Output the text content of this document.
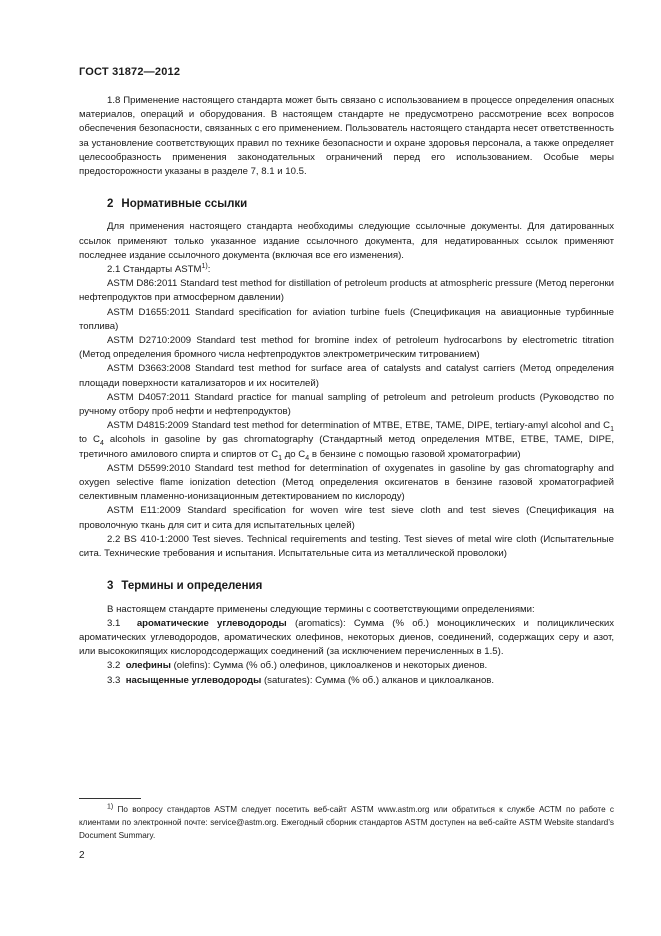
ГОСТ 31872—2012

1.8 Применение настоящего стандарта может быть связано с использованием в процессе определения опасных материалов, операций и оборудования. В настоящем стандарте не предусмотрено рассмотрение всех вопросов обеспечения безопасности, связанных с его применением. Пользователь настоящего стандарта несет ответственность за установление соответствующих правил по технике безопасности и охране здоровья персонала, а также определяет целесообразность применения законодательных ограничений перед его использованием. Особые меры предосторожности указаны в разделе 7, 8.1 и 10.5.

2 Нормативные ссылки

Для применения настоящего стандарта необходимы следующие ссылочные документы. Для датированных ссылок применяют только указанное издание ссылочного документа, для недатированных ссылок применяют последнее издание ссылочного документа (включая все его изменения).

2.1 Стандарты ASTM$^{1)}$:

ASTM D86:2011 Standard test method for distillation of petroleum products at atmospheric pressure (Метод перегонки нефтепродуктов при атмосферном давлении)

ASTM D1655:2011 Standard specification for aviation turbine fuels (Спецификация на авиационные турбинные топлива)

ASTM D2710:2009 Standard test method for bromine index of petroleum hydrocarbons by electrometric titration (Метод определения бромного числа нефтепродуктов электрометрическим титрованием)

ASTM D3663:2008 Standard test method for surface area of catalysts and catalyst carriers (Метод определения площади поверхности катализаторов и их носителей)

ASTM D4057:2011 Standard practice for manual sampling of petroleum and petroleum products (Руководство по ручному отбору проб нефти и нефтепродуктов)

ASTM D4815:2009 Standard test method for determination of MTBE, ETBE, TAME, DIPE, tertiary-amyl alcohol and $C_1$ to $C_4$ alcohols in gasoline by gas chromatography (Стандартный метод определения MTBE, ETBE, TAME, DIPE, третичного амилового спирта и спиртов от $C_1$ до $C_4$ в бензине с помощью газовой хроматографии)

ASTM D5599:2010 Standard test method for determination of oxygenates in gasoline by gas chromatography and oxygen selective flame ionization detection (Метод определения оксигенатов в бензине газовой хроматографией селективным пламенно-ионизационным детектированием по кислороду)

ASTM E11:2009 Standard specification for woven wire test sieve cloth and test sieves (Спецификация на проволочную ткань для сит и сита для испытательных целей)

2.2 BS 410-1:2000 Test sieves. Technical requirements and testing. Test sieves of metal wire cloth (Испытательные сита. Технические требования и испытания. Испытательные сита из металлической проволоки)

3 Термины и определения

В настоящем стандарте применены следующие термины с соответствующими определениями:

3.1 ароматические углеводороды (aromatics): Сумма (% об.) моноциклических и полициклических ароматических углеводородов, ароматических олефинов, некоторых диенов, соединений, содержащих серу и азот, или высококипящих кислородсодержащих соединений (за исключением перечисленных в 1.5).

3.2 олефины (olefins): Сумма (% об.) олефинов, циклоалкенов и некоторых диенов.

3.3 насыщенные углеводороды (saturates): Сумма (% об.) алканов и циклоалканов.

$^{1)}$ По вопросу стандартов ASTM следует посетить веб-сайт ASTM www.astm.org или обратиться к службе АСТМ по работе с клиентами по электронной почте: service@astm.org. Ежегодный сборник стандартов ASTM доступен на веб-сайте ASTM Website standard’s Document Summary.
2
